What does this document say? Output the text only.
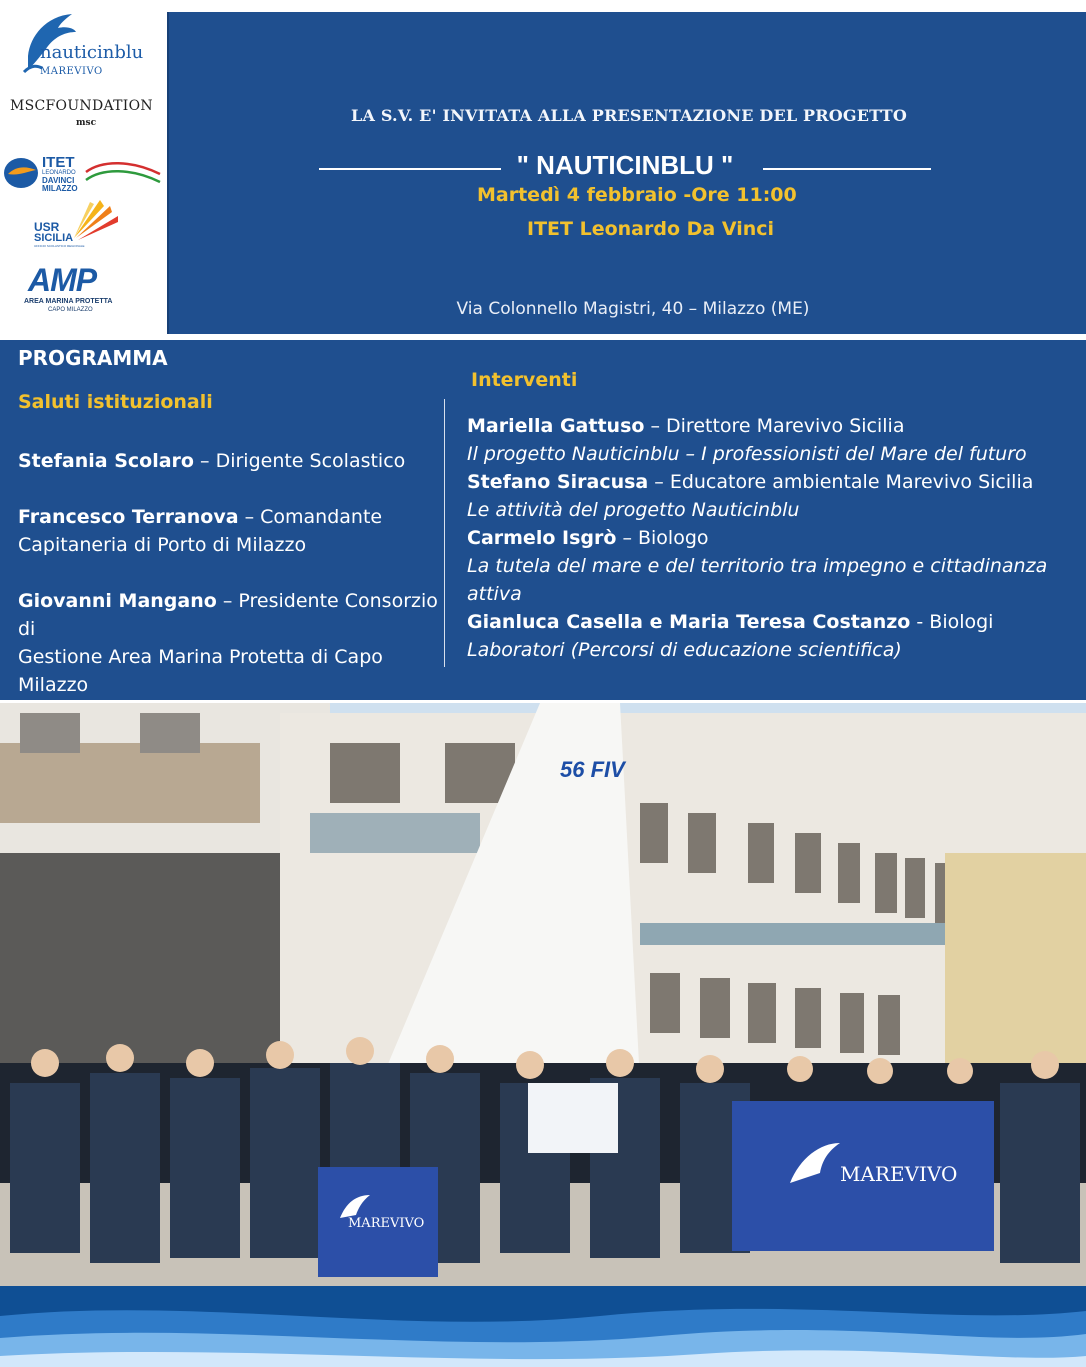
nauticinblu
MAREVIVO
MSCFOUNDATION
msc
ITET
LEONARDO
DAVINCI
MILAZZO
USR
SICILIA
UFFICIO SCOLASTICO REGIONALE
AMP
AREA MARINA PROTETTA
CAPO MILAZZO
LA S.V. E' INVITATA ALLA PRESENTAZIONE DEL PROGETTO
" NAUTICINBLU "
Martedì 4 febbraio -Ore 11:00
ITET Leonardo Da Vinci
Via Colonnello Magistri, 40 – Milazzo (ME)
PROGRAMMA
Saluti istituzionali
Interventi
Stefania Scolaro – Dirigente Scolastico
Francesco Terranova – Comandante
Capitaneria di Porto di Milazzo
Giovanni Mangano – Presidente Consorzio di
Gestione Area Marina Protetta di Capo
Milazzo
Mariella Gattuso – Direttore Marevivo Sicilia
Il progetto Nauticinblu – I professionisti del Mare del futuro
Stefano Siracusa – Educatore ambientale Marevivo Sicilia
Le attività del progetto Nauticinblu
Carmelo Isgrò – Biologo
La tutela del mare e del territorio tra impegno e cittadinanza
attiva
Gianluca Casella e Maria Teresa Costanzo - Biologi
Laboratori (Percorsi di educazione scientifica)
56 FIV
MAREVIVO
MAREVIVO
